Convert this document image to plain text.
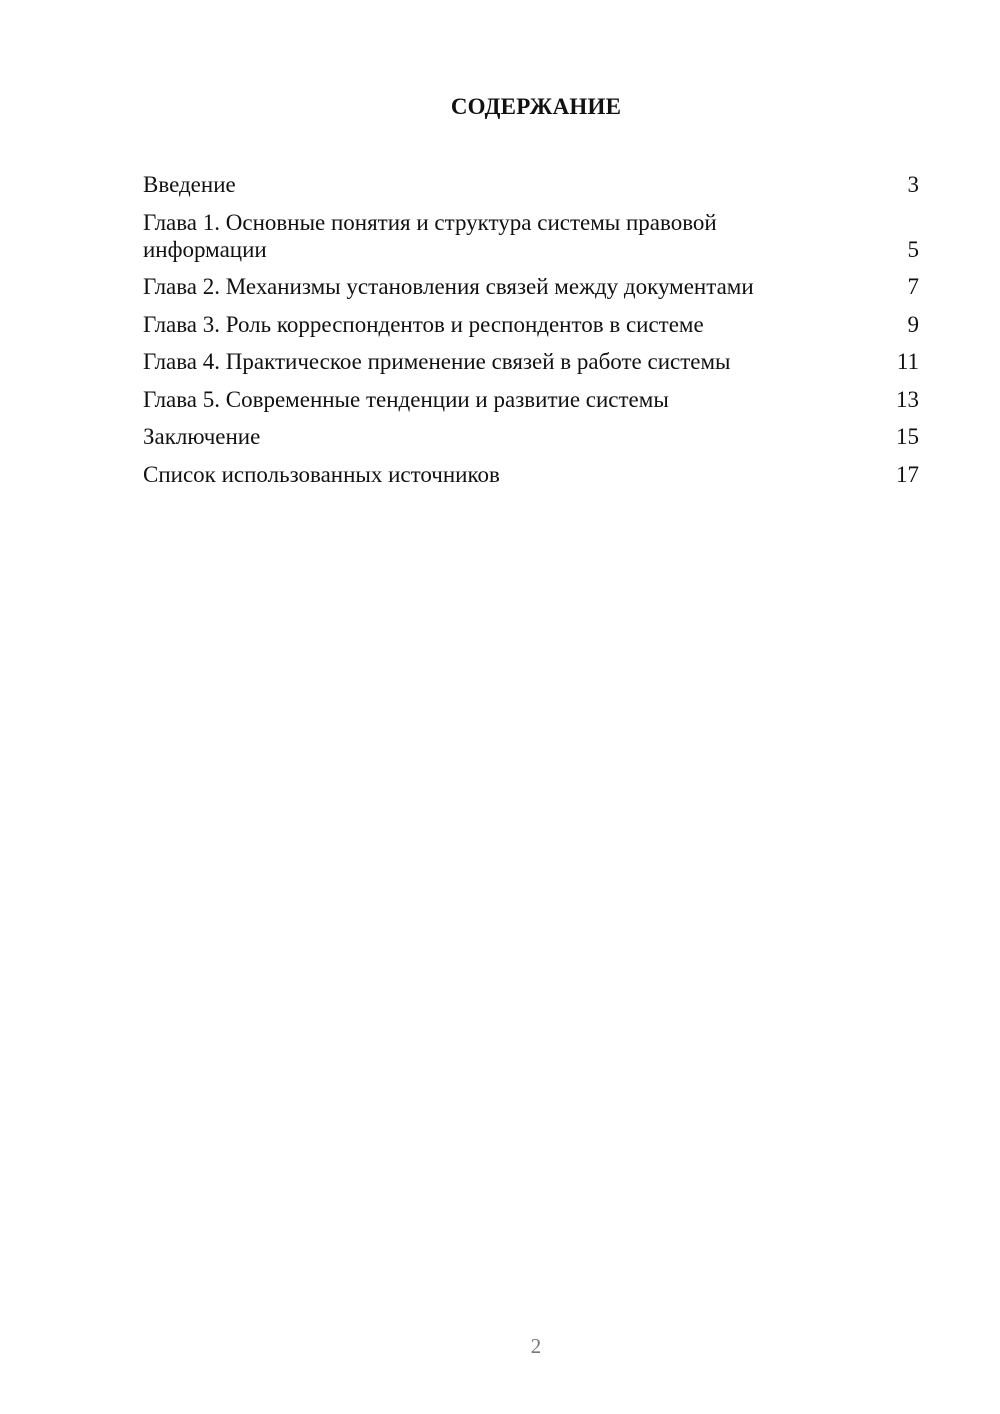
СОДЕРЖАНИЕ
Введение	3
Глава 1. Основные понятия и структура системы правовой информации	5
Глава 2. Механизмы установления связей между документами	7
Глава 3. Роль корреспондентов и респондентов в системе	9
Глава 4. Практическое применение связей в работе системы	11
Глава 5. Современные тенденции и развитие системы	13
Заключение	15
Список использованных источников	17
2
